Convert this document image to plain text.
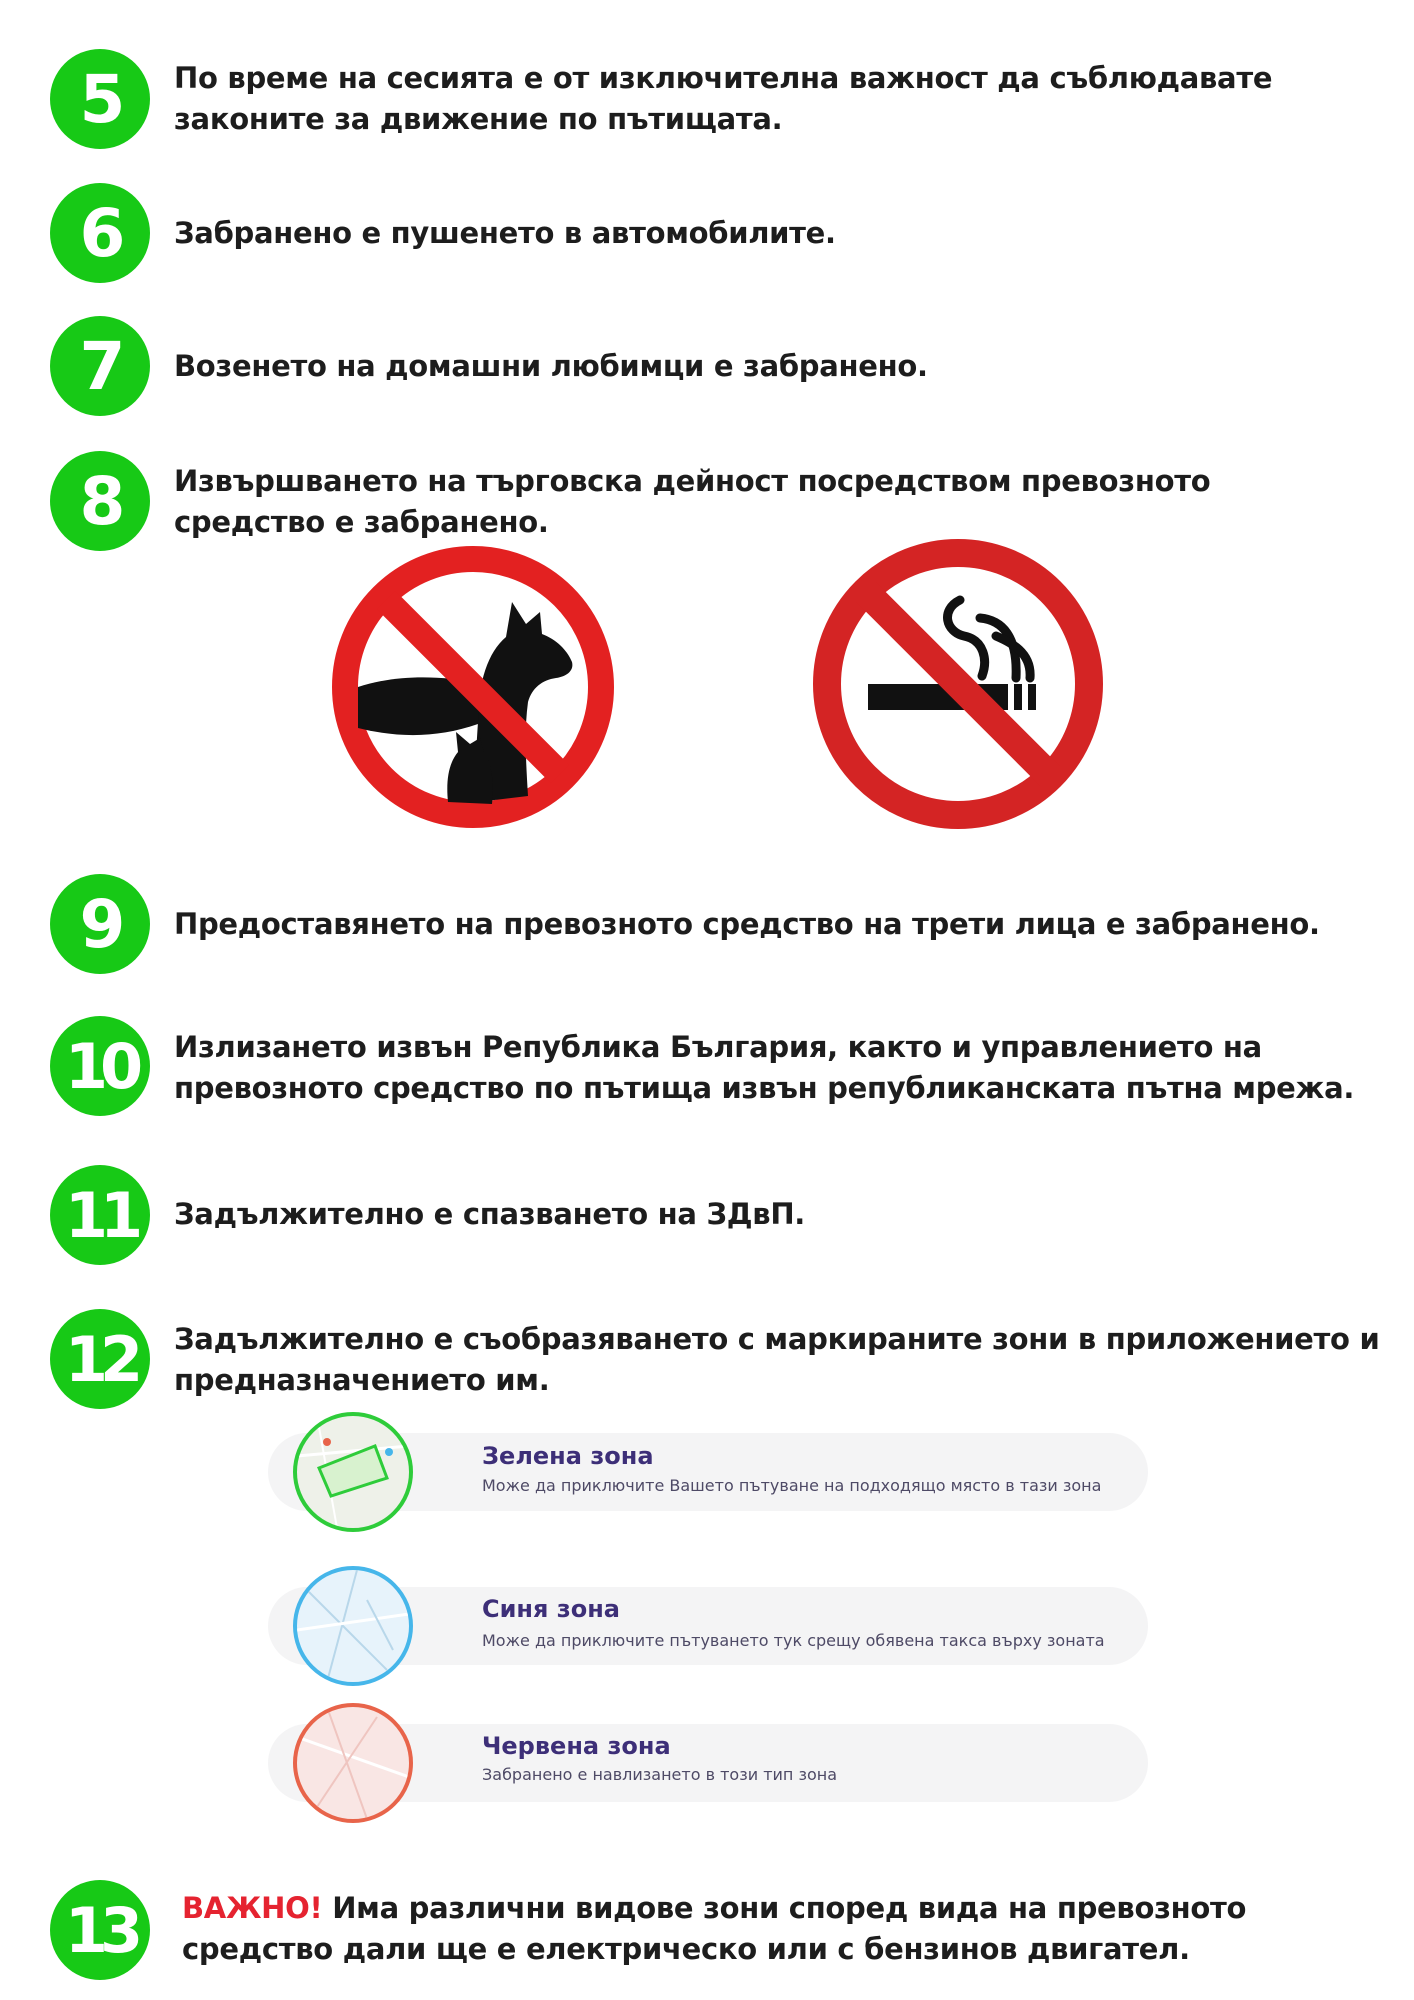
5	По време на сесията е от изключителна важност да съблюдавате
законите за движение по пътищата.
6	Забранено е пушенето в автомобилите.
7	Возенето на домашни любимци е забранено.
8	Извършването на търговска дейност посредством превозното
средство е забранено.
9	Предоставянето на превозното средство на трети лица е забранено.
10	Излизането извън Република България, както и управлението на
превозното средство по пътища извън републиканската пътна мрежа.
11	Задължително е спазването на ЗДвП.
12	Задължително е съобразяването с маркираните зони в приложението и
предназначението им.
Зелена зона
Може да приключите Вашето пътуване на подходящо място в тази зона
Синя зона
Може да приключите пътуването тук срещу обявена такса върху зоната
Червена зона
Забранено е навлизането в този тип зона
13	ВАЖНО! Има различни видове зони според вида на превозното
средство дали ще е електрическо или с бензинов двигател.
